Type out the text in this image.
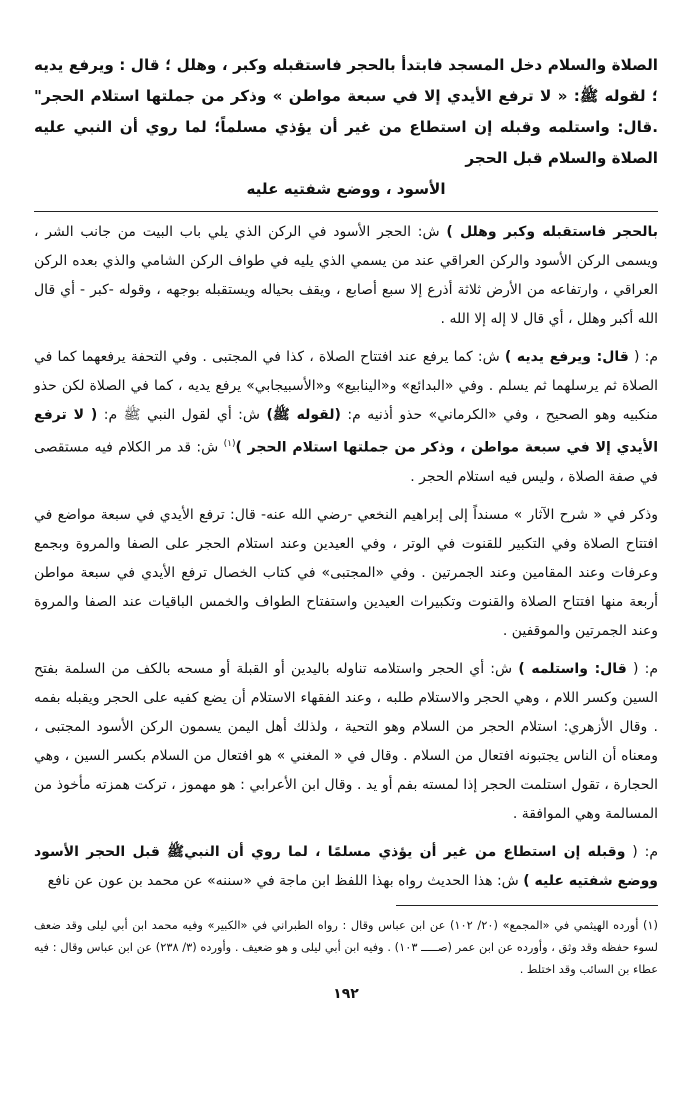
الصلاة والسلام دخل المسجد فابتدأ بالحجر فاستقبله وكبر ، وهلل ؛ قال : ويرفع يديه ؛ لقوله ﷺ: « لا ترفع الأيدي إلا في سبعة مواطن » وذكر من جملتها استلام الحجر" .قال: واستلمه وقبله إن استطاع من غير أن يؤذي مسلماً؛ لما روي أن النبي عليه الصلاة والسلام قبل الحجر
الأسود ، ووضع شفتيه عليه

بالحجر فاستقبله وكبر وهلل ) ش: الحجر الأسود في الركن الذي يلي باب البيت من جانب الشر ، ويسمى الركن الأسود والركن العراقي عند من يسمي الذي يليه في طواف الركن الشامي والذي بعده الركن العراقي ، وارتفاعه من الأرض ثلاثة أذرع إلا سبع أصابع ، ويقف بحياله ويستقبله بوجهه ، وقوله -كبر - أي قال الله أكبر وهلل ، أي قال لا إله إلا الله .

م: ( قال: ويرفع يديه ) ش: كما يرفع عند افتتاح الصلاة ، كذا في المجتبى . وفي التحفة يرفعهما كما في الصلاة ثم يرسلهما ثم يسلم . وفي «البدائع» و«الينابيع» و«الأسبيجابي» يرفع يديه ، كما في الصلاة لكن حذو منكبيه وهو الصحيح ، وفي «الكرماني» حذو أذنيه م: (لقوله ﷺ) ش: أي لقول النبي ﷺ م: ( لا ترفع الأيدي إلا في سبعة مواطن ، وذكر من جملتها استلام الحجر )$^{(١)}$ ش: قد مر الكلام فيه مستقصى في صفة الصلاة ، وليس فيه استلام الحجر .

وذكر في « شرح الآثار » مسنداً إلى إبراهيم النخعي -رضي الله عنه- قال: ترفع الأيدي في سبعة مواضع في افتتاح الصلاة وفي التكبير للقنوت في الوتر ، وفي العيدين وعند استلام الحجر على الصفا والمروة وبجمع وعرفات وعند المقامين وعند الجمرتين . وفي «المجتبى» في كتاب الخصال ترفع الأيدي في سبعة مواطن أربعة منها افتتاح الصلاة والقنوت وتكبيرات العيدين واستفتاح الطواف والخمس الباقيات عند الصفا والمروة وعند الجمرتين والموقفين .

م: ( قال: واستلمه ) ش: أي الحجر واستلامه تناوله باليدين أو القبلة أو مسحه بالكف من السلمة بفتح السين وكسر اللام ، وهي الحجر والاستلام طلبه ، وعند الفقهاء الاستلام أن يضع كفيه على الحجر ويقبله بفمه . وقال الأزهري: استلام الحجر من السلام وهو التحية ، ولذلك أهل اليمن يسمون الركن الأسود المجتبى ، ومعناه أن الناس يجتبونه افتعال من السلام . وقال في « المغني » هو افتعال من السلام بكسر السين ، وهي الحجارة ، تقول استلمت الحجر إذا لمسته بفم أو يد . وقال ابن الأعرابي : هو مهموز ، تركت همزته مأخوذ من المسالمة وهي الموافقة .

م: ( وقبله إن استطاع من غير أن يؤذي مسلمًا ، لما روي أن النبيﷺ قبل الحجر الأسود ووضع شفتيه عليه ) ش: هذا الحديث رواه بهذا اللفظ ابن ماجة في «سننه» عن محمد بن عون عن نافع

(١) أورده الهيثمي في «المجمع» (٢٠/ ١٠٢) عن ابن عباس وقال : رواه الطبراني في «الكبير» وفيه محمد ابن أبي ليلى وقد ضعف لسوء حفظه وقد وثق ، وأورده عن ابن عمر (صـــــ ١٠٣) . وفيه ابن أبي ليلى و هو ضعيف . وأورده (٣/ ٢٣٨) عن ابن عباس وقال : فيه عطاء بن السائب وقد اختلط .

١٩٢
